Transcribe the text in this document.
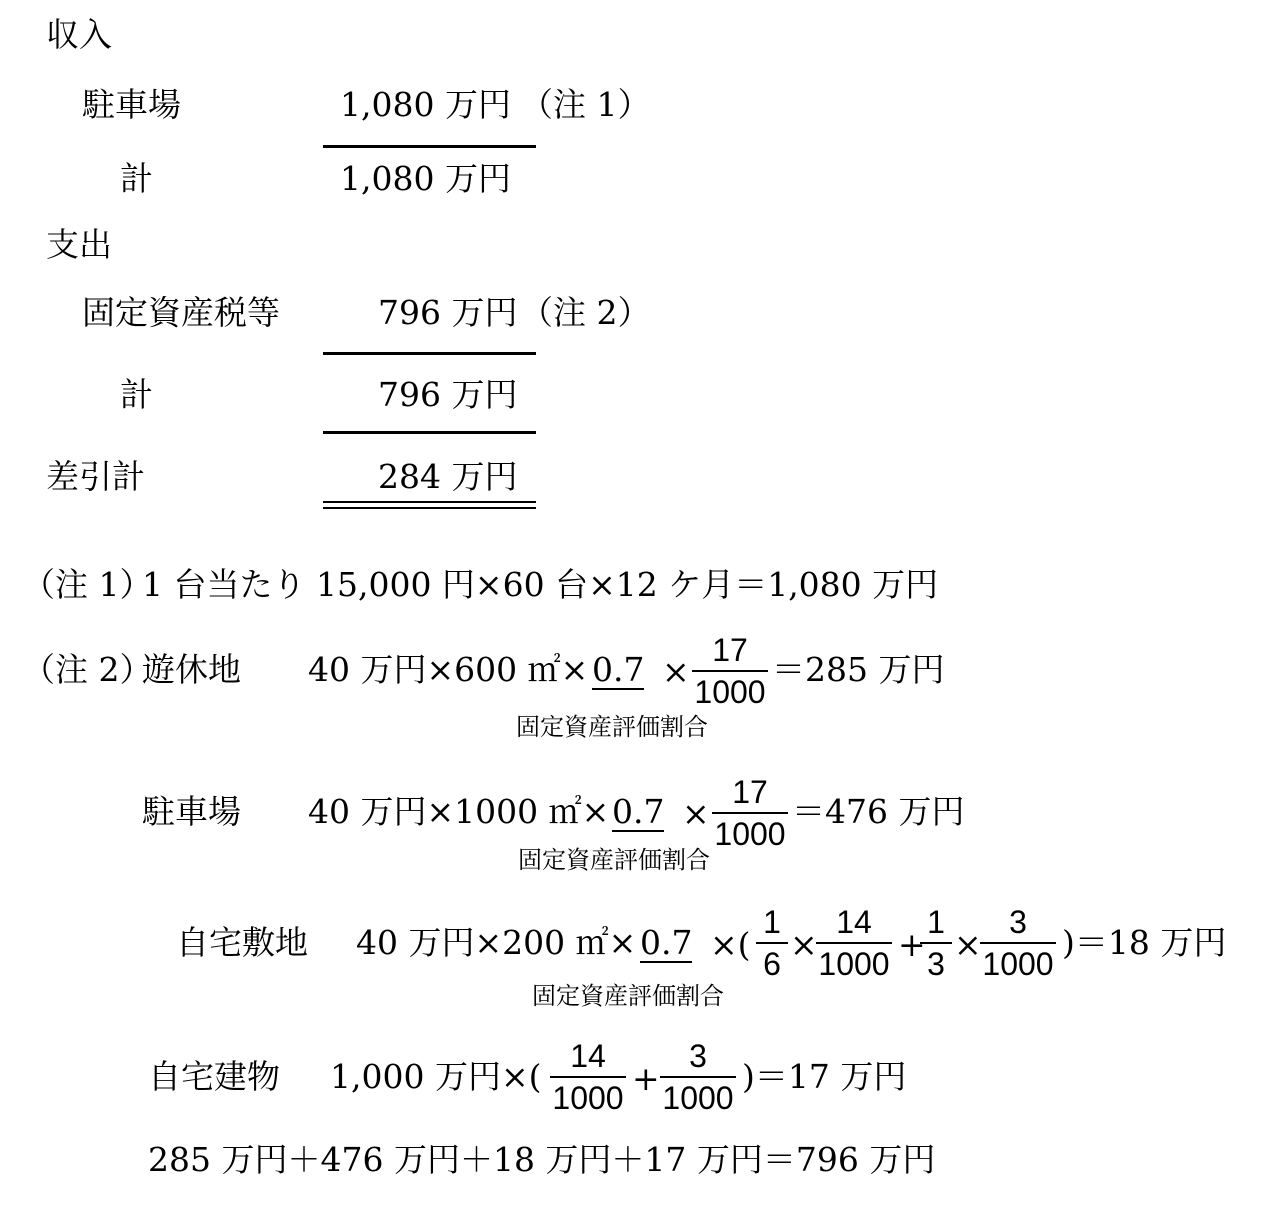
収入
駐車場	1,080 万円 （注 1）
計	1,080 万円
支出
固定資産税等	796 万円 （注 2）
計	796 万円
差引計	284 万円
（注 1）
1 台当たり 15,000 円×60 台×12 ケ月＝1,080 万円
（注 2）
遊休地 40 万円×600 ㎡× 0.7
固定資産評価割合
×
17
1000
＝285 万円
駐車場 40 万円×1000 ㎡× 0.7
固定資産評価割合
×
17
1000
＝476 万円
自宅敷地 40 万円×200 ㎡× 0.7
固定資産評価割合
×(
1
6 ×
14
1000 +
1
3 ×
3
1000
)＝18 万円
自宅建物 1,000 万円×(
14
1000 +
3
1000
)＝17 万円
285 万円＋476 万円＋18 万円＋17 万円＝796 万円
